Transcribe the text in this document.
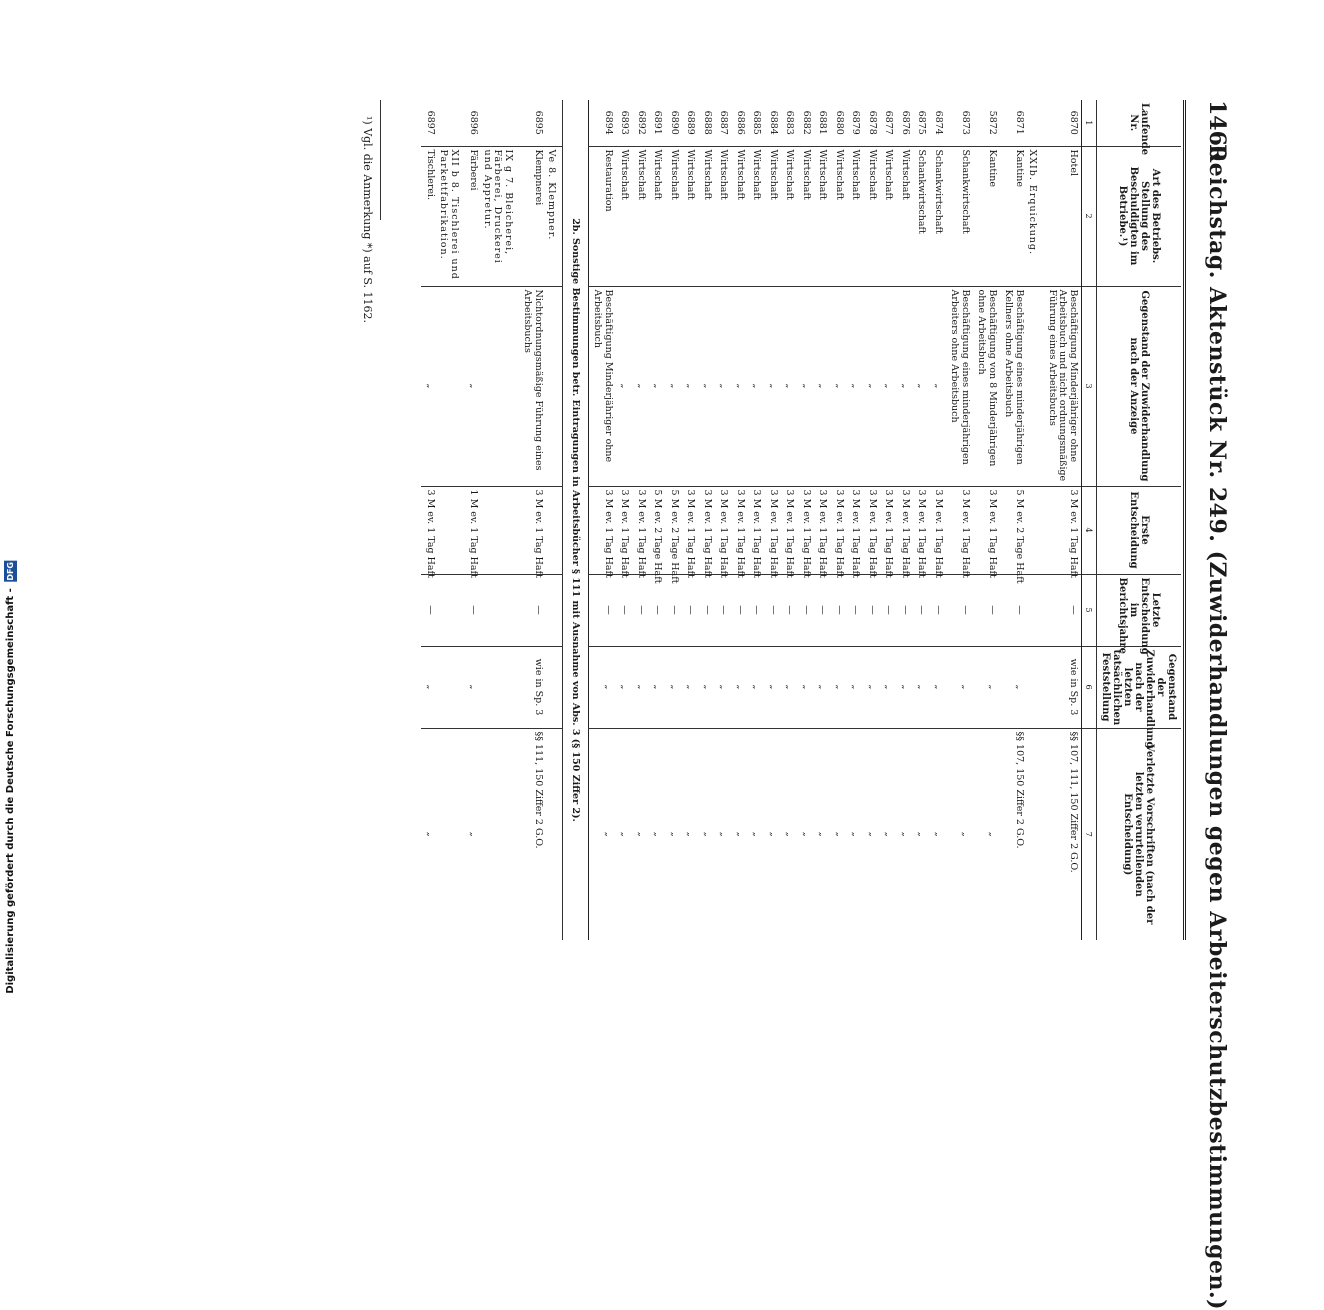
1460
Reichstag. Aktenstück Nr. 249. (Zuwiderhandlungen gegen Arbeiterschutzbestimmungen.)
Laufende Nr.	Art des Betriebs. Stellung des Beschuldigten im Betriebe.¹)	Gegenstand der Zuwiderhandlung nach der Anzeige	Erste Entscheidung	Letzte Entscheidung im Berichtsjahre	Gegenstand der Zuwiderhandlung nach der letzten tatsächlichen Feststellung	Verletzte Vorschriften (nach der letzten verurteilenden Entscheidung)
1	2	3	4	5	6	7
6870	Hotel	Beschäftigung Minderjähriger ohne Arbeitsbuch und nicht ordnungsmäßige Führung eines Arbeitsbuchs	3 M ev. 1 Tag Haft	—	wie in Sp. 3	§§ 107, 111, 150 Ziffer 2 G.O.
	XXIb. Erquickung.					
6871	Kantine	Beschäftigung eines minderjährigen Kellners ohne Arbeitsbuch	5 M ev. 2 Tage Haft	—	„	§§ 107, 150 Ziffer 2 G.O.
5872	Kantine	Beschäftigung von 8 Minderjährigen ohne Arbeitsbuch	3 M ev. 1 Tag Haft	—	„	„
6873	Schankwirtschaft	Beschäftigung eines minderjährigen Arbeiters ohne Arbeitsbuch	3 M ev. 1 Tag Haft	—	„	„
6874	Schankwirtschaft	„	3 M ev. 1 Tag Haft	—	„	„
6875	Schankwirtschaft	„	3 M ev. 1 Tag Haft	—	„	„
6876	Wirtschaft	„	3 M ev. 1 Tag Haft	—	„	„
6877	Wirtschaft	„	3 M ev. 1 Tag Haft	—	„	„
6878	Wirtschaft	„	3 M ev. 1 Tag Haft	—	„	„
6879	Wirtschaft	„	3 M ev. 1 Tag Haft	—	„	„
6880	Wirtschaft	„	3 M ev. 1 Tag Haft	—	„	„
6881	Wirtschaft	„	3 M ev. 1 Tag Haft	—	„	„
6882	Wirtschaft	„	3 M ev. 1 Tag Haft	—	„	„
6883	Wirtschaft	„	3 M ev. 1 Tag Haft	—	„	„
6884	Wirtschaft	„	3 M ev. 1 Tag Haft	—	„	„
6885	Wirtschaft	„	3 M ev. 1 Tag Haft	—	„	„
6886	Wirtschaft	„	3 M ev. 1 Tag Haft	—	„	„
6887	Wirtschaft	„	3 M ev. 1 Tag Haft	—	„	„
6888	Wirtschaft	„	3 M ev. 1 Tag Haft	—	„	„
6889	Wirtschaft	„	3 M ev. 1 Tag Haft	—	„	„
6890	Wirtschaft	„	5 M ev. 2 Tage Haft	—	„	„
6891	Wirtschaft	„	5 M ev. 2 Tage Haft	—	„	„
6892	Wirtschaft	„	3 M ev. 1 Tag Haft	—	„	„
6893	Wirtschaft	„	3 M ev. 1 Tag Haft	—	„	„
6894	Restauration	Beschäftigung Minderjähriger ohne Arbeitsbuch	3 M ev. 1 Tag Haft	—	„	„
2b. Sonstige Bestimmungen betr. Eintragungen in Arbeitsbücher § 111 mit Ausnahme von Abs. 3 (§ 150 Ziffer 2).						
	Ve 8. Klempner.					
6895	Klempnerei	Nichtordnungsmäßige Führung eines Arbeitsbuchs	3 M ev. 1 Tag Haft	—	wie in Sp. 3	§§ 111, 150 Ziffer 2 G.O.
	IX g 7. Bleicherei, Färberei, Druckerei und Appretur.					
6896	Färberei	„	1 M ev. 1 Tag Haft	—	„	„
	XII b 8. Tischlerei und Parkettfabrikation.					
6897	Tischlerei.	„	3 M ev. 1 Tag Haft	—	„	„
¹) Vgl. die Anmerkung *) auf S. 1162.
Digitalisierung gefördert durch die Deutsche Forschungsgemeinschaft - DFG
